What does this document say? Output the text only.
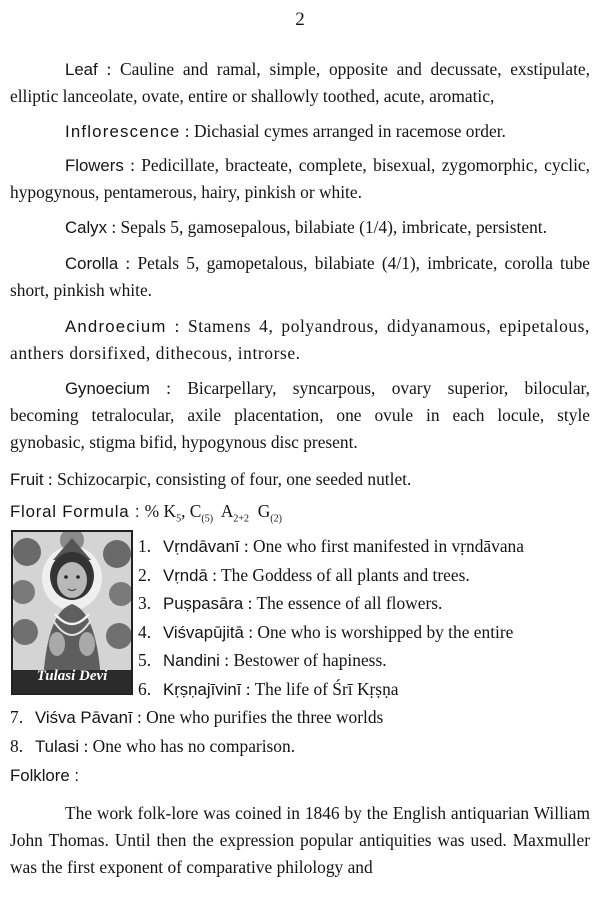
2

Leaf : Cauline and ramal, simple, opposite and decussate, exstipulate, elliptic lanceolate, ovate, entire or shallowly toothed, acute, aromatic,

Inflorescence : Dichasial cymes arranged in racemose order.

Flowers : Pedicillate, bracteate, complete, bisexual, zygomorphic, cyclic, hypogynous, pentamerous, hairy, pinkish or white.

Calyx : Sepals 5, gamosepalous, bilabiate (1/4), imbricate, persistent.

Corolla : Petals 5, gamopetalous, bilabiate (4/1), imbricate, corolla tube short, pinkish white.

Androecium : Stamens 4, polyandrous, didyanamous, epipetalous, anthers dorsifixed, dithecous, introrse.

Gynoecium : Bicarpellary, syncarpous, ovary superior, bilocular, becoming tetralocular, axile placentation, one ovule in each locule, style gynobasic, stigma bifid, hypogynous disc present.

Fruit : Schizocarpic, consisting of four, one seeded nutlet.

Floral Formula : % $K_5$, $C_{(5)}$ $A_{2+2}$ $G_{(2)}$
Tulasi Devi
1. Vṛndāvanī : One who first manifested in vṛndāvana
2. Vṛndā : The Goddess of all plants and trees.
3. Puṣpasāra : The essence of all flowers.
4. Viśvapūjitā : One who is worshipped by the entire
5. Nandini : Bestower of hapiness.
6. Kṛṣṇajīvinī : The life of Śrī Kṛṣṇa
7. Viśva Pāvanī : One who purifies the three worlds
8. Tulasi : One who has no comparison.
Folklore :

The work folk-lore was coined in 1846 by the English antiquarian William John Thomas. Until then the expression popular antiquities was used. Maxmuller was the first exponent of comparative philology and
